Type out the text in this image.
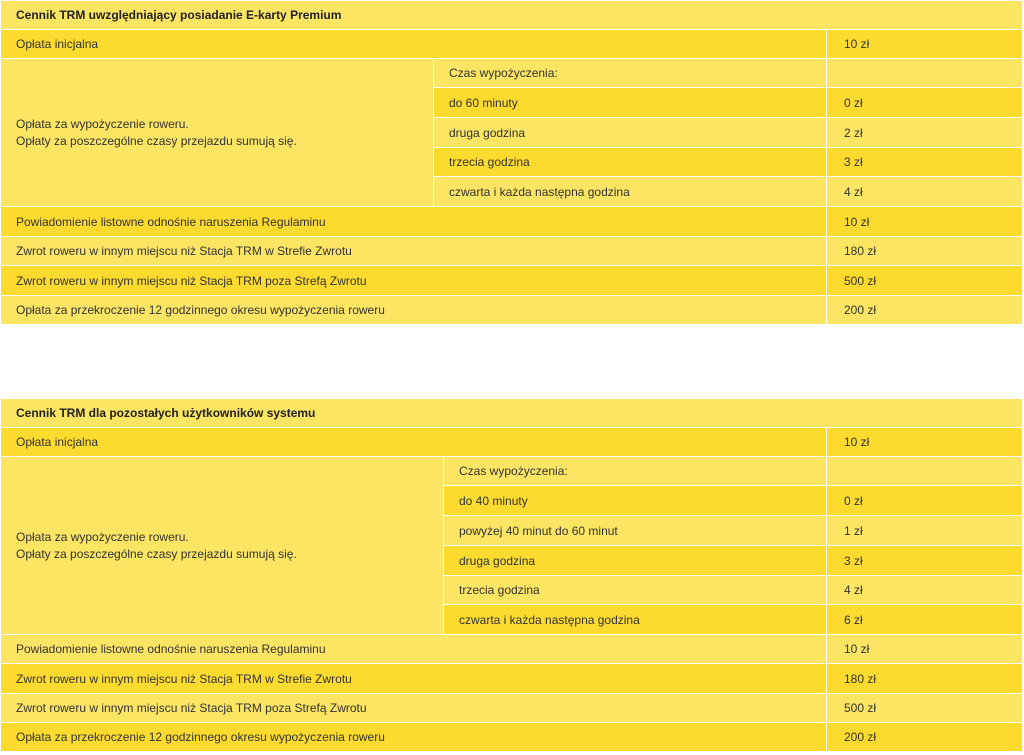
Cennik TRM uwzględniający posiadanie E-karty Premium		
Opłata inicjalna		10 zł

Opłata za wypożyczenie roweru.
Opłaty za poszczególne czasy przejazdu sumują się.	Czas wypożyczenia:	
	do 60 minuty	0 zł
	druga godzina	2 zł
	trzecia godzina	3 zł
	czwarta i każda następna godzina	4 zł
Powiadomienie listowne odnośnie naruszenia Regulaminu		10 zł
Zwrot roweru w innym miejscu niż Stacja TRM w Strefie Zwrotu		180 zł
Zwrot roweru w innym miejscu niż Stacja TRM poza Strefą Zwrotu		500 zł
Opłata za przekroczenie 12 godzinnego okresu wypożyczenia roweru		200 zł
Cennik TRM dla pozostałych użytkowników systemu		
Opłata inicjalna		10 zł

Opłata za wypożyczenie roweru.
Opłaty za poszczególne czasy przejazdu sumują się.	Czas wypożyczenia:	
	do 40 minuty	0 zł
	powyżej 40 minut do 60 minut	1 zł
	druga godzina	3 zł
	trzecia godzina	4 zł
	czwarta i każda następna godzina	6 zł
Powiadomienie listowne odnośnie naruszenia Regulaminu		10 zł
Zwrot roweru w innym miejscu niż Stacja TRM w Strefie Zwrotu		180 zł
Zwrot roweru w innym miejscu niż Stacja TRM poza Strefą Zwrotu		500 zł
Opłata za przekroczenie 12 godzinnego okresu wypożyczenia roweru		200 zł
